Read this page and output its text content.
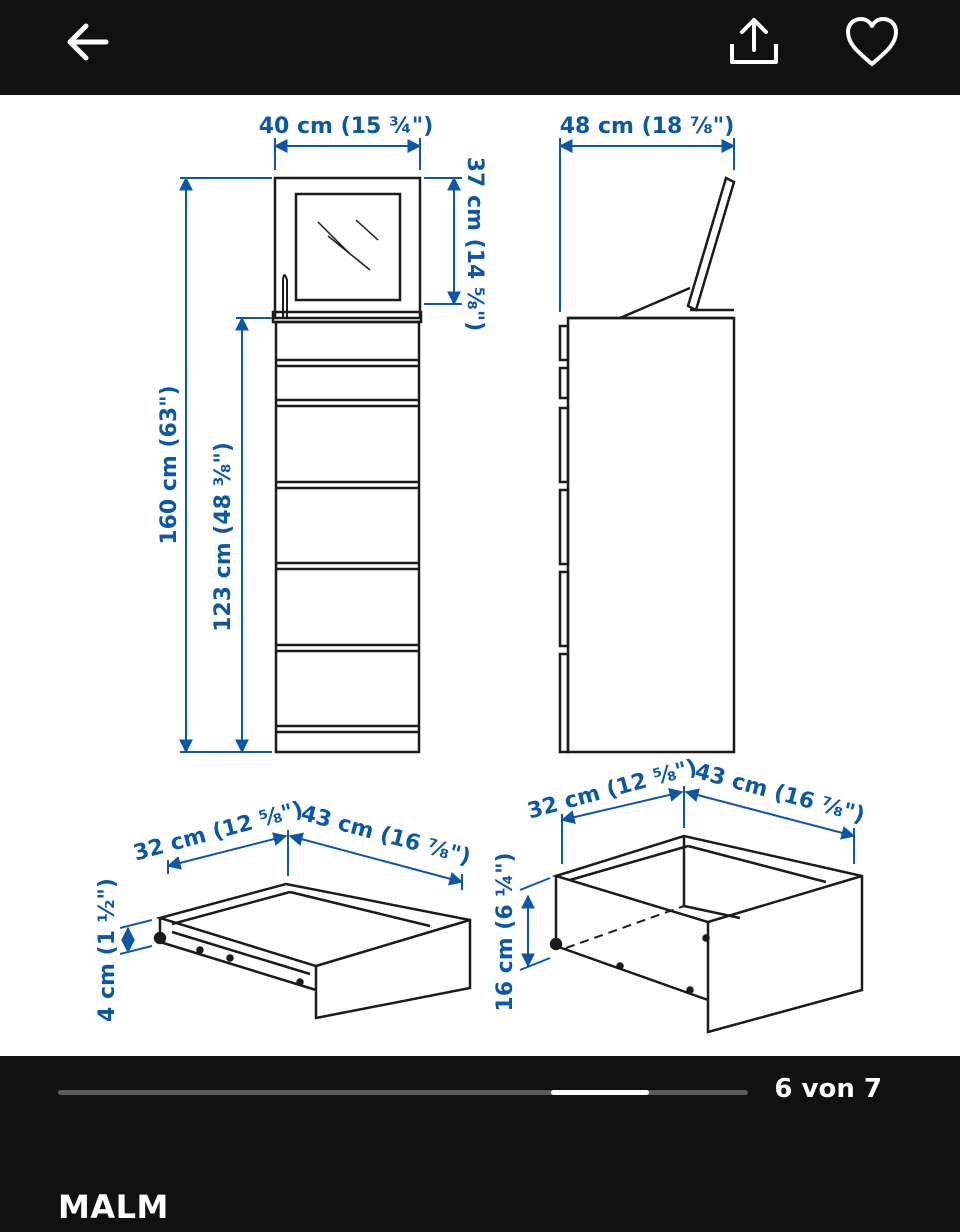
40 cm (15 ¾")	48 cm (18 ⅞")
160 cm (63") 123 cm (48 ⅜")
37 cm (14 ⅝")
32 cm (12 ⅝")
43 cm (16 ⅞")
4 cm (1 ½")
32 cm (12 ⅝")
43 cm (16 ⅞")
16 cm (6 ¼")
6 von 7
MALM
